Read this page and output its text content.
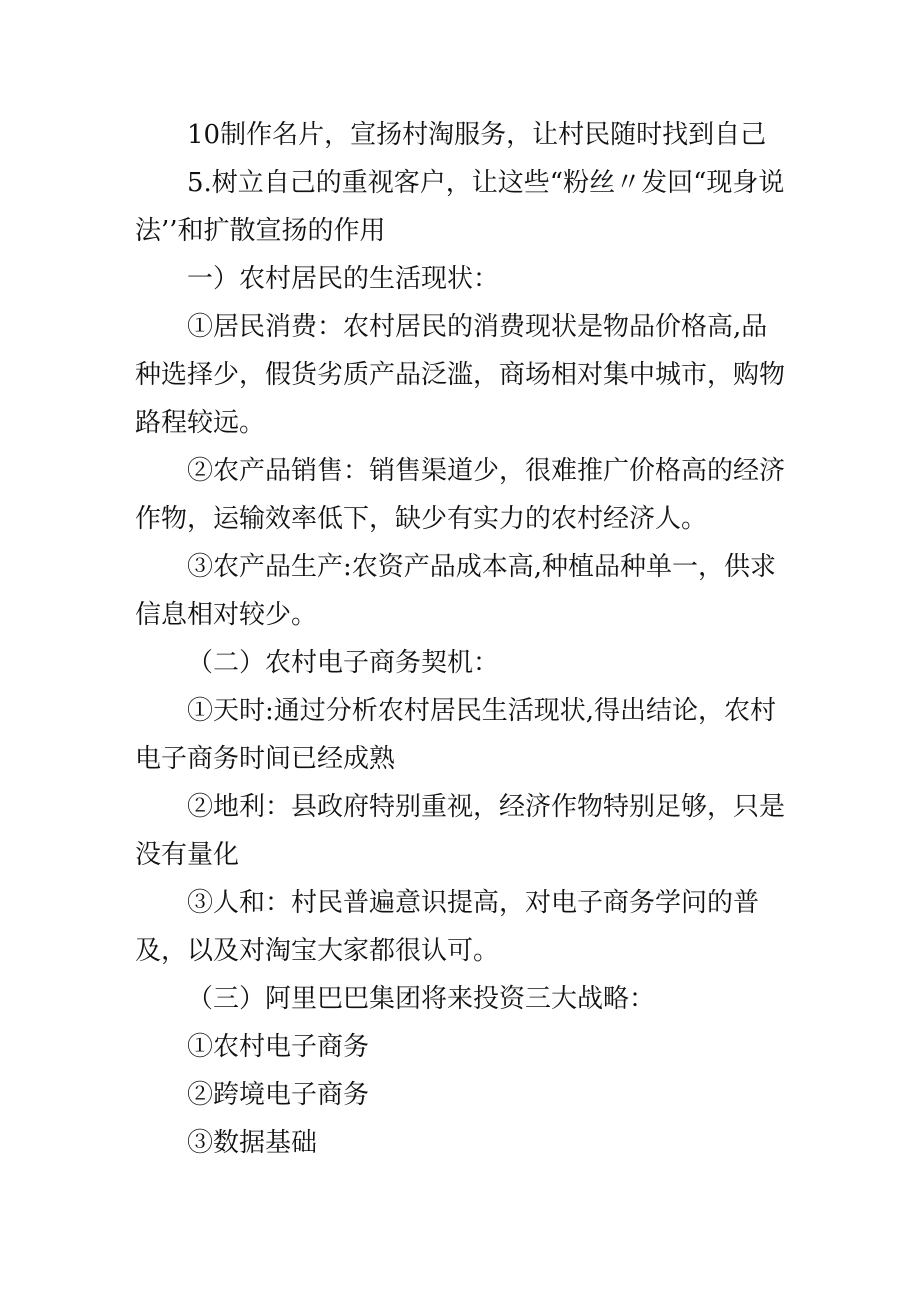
10制作名片，宣扬村淘服务，让村民随时找到自己

5.树立自己的重视客户，让这些“粉丝〃发回“现身说法’’和扩散宣扬的作用

一）农村居民的生活现状：

①居民消费：农村居民的消费现状是物品价格高,品种选择少，假货劣质产品泛滥，商场相对集中城市，购物路程较远。

②农产品销售：销售渠道少，很难推广价格高的经济作物，运输效率低下，缺少有实力的农村经济人。

③农产品生产:农资产品成本高,种植品种单一，供求信息相对较少。

（二）农村电子商务契机：

①天时:通过分析农村居民生活现状,得出结论，农村电子商务时间已经成熟

②地利：县政府特别重视，经济作物特别足够，只是没有量化

③人和：村民普遍意识提高，对电子商务学问的普及，以及对淘宝大家都很认可。

（三）阿里巴巴集团将来投资三大战略：

①农村电子商务

②跨境电子商务

③数据基础
